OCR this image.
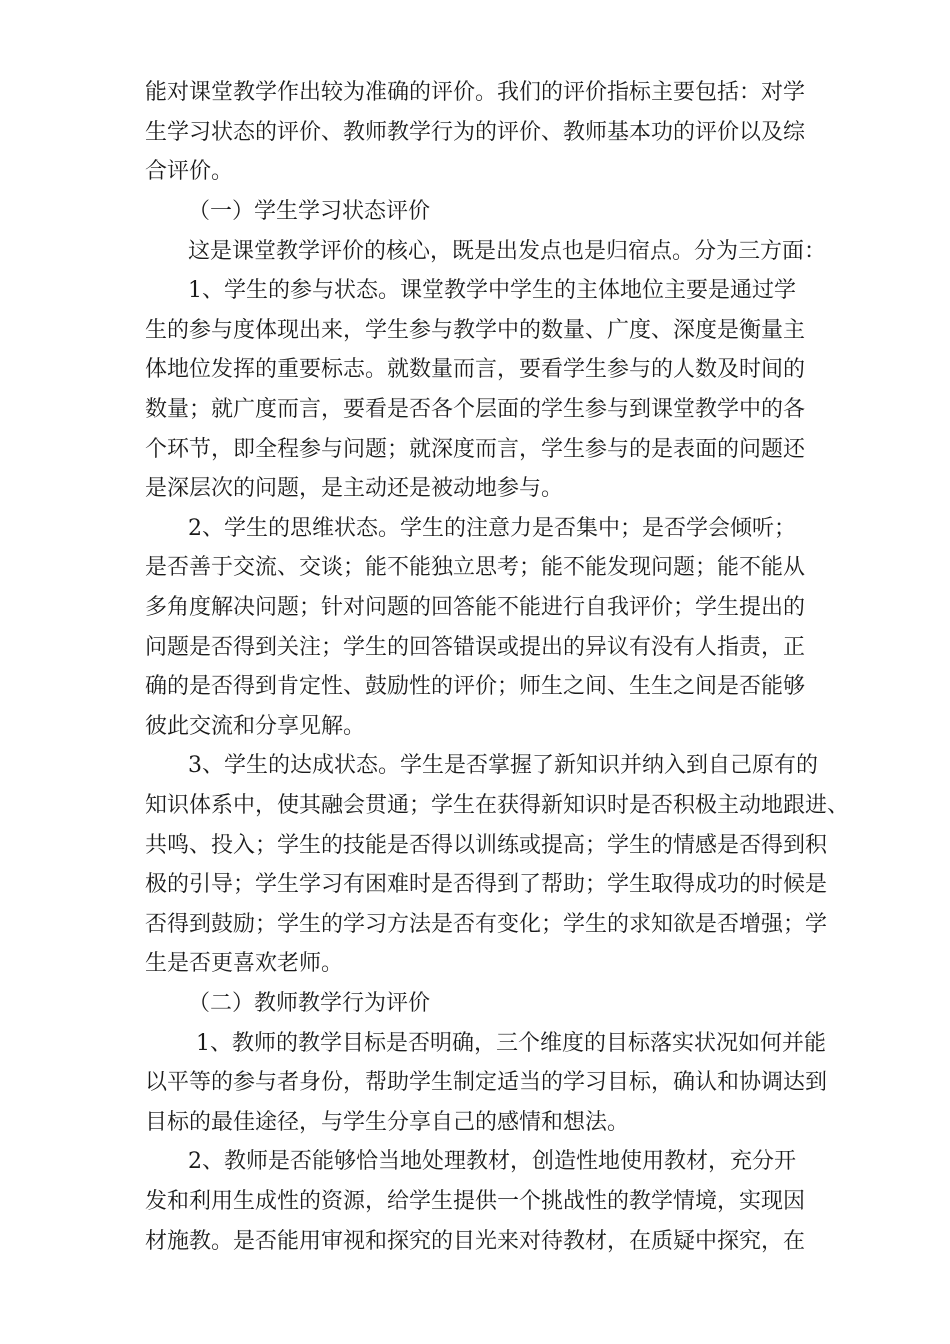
能对课堂教学作出较为准确的评价。我们的评价指标主要包括：对学
生学习状态的评价、教师教学行为的评价、教师基本功的评价以及综
合评价。
（一）学生学习状态评价
这是课堂教学评价的核心，既是出发点也是归宿点。分为三方面：
1、学生的参与状态。课堂教学中学生的主体地位主要是通过学
生的参与度体现出来，学生参与教学中的数量、广度、深度是衡量主
体地位发挥的重要标志。就数量而言，要看学生参与的人数及时间的
数量；就广度而言，要看是否各个层面的学生参与到课堂教学中的各
个环节，即全程参与问题；就深度而言，学生参与的是表面的问题还
是深层次的问题，是主动还是被动地参与。
2、学生的思维状态。学生的注意力是否集中；是否学会倾听；
是否善于交流、交谈；能不能独立思考；能不能发现问题；能不能从
多角度解决问题；针对问题的回答能不能进行自我评价；学生提出的
问题是否得到关注；学生的回答错误或提出的异议有没有人指责，正
确的是否得到肯定性、鼓励性的评价；师生之间、生生之间是否能够
彼此交流和分享见解。
3、学生的达成状态。学生是否掌握了新知识并纳入到自己原有的
知识体系中，使其融会贯通；学生在获得新知识时是否积极主动地跟进、
共鸣、投入；学生的技能是否得以训练或提高；学生的情感是否得到积
极的引导；学生学习有困难时是否得到了帮助；学生取得成功的时候是
否得到鼓励；学生的学习方法是否有变化；学生的求知欲是否增强；学
生是否更喜欢老师。
（二）教师教学行为评价
1、教师的教学目标是否明确，三个维度的目标落实状况如何并能
以平等的参与者身份，帮助学生制定适当的学习目标，确认和协调达到
目标的最佳途径，与学生分享自己的感情和想法。
2、教师是否能够恰当地处理教材，创造性地使用教材，充分开
发和利用生成性的资源，给学生提供一个挑战性的教学情境，实现因
材施教。是否能用审视和探究的目光来对待教材，在质疑中探究，在
